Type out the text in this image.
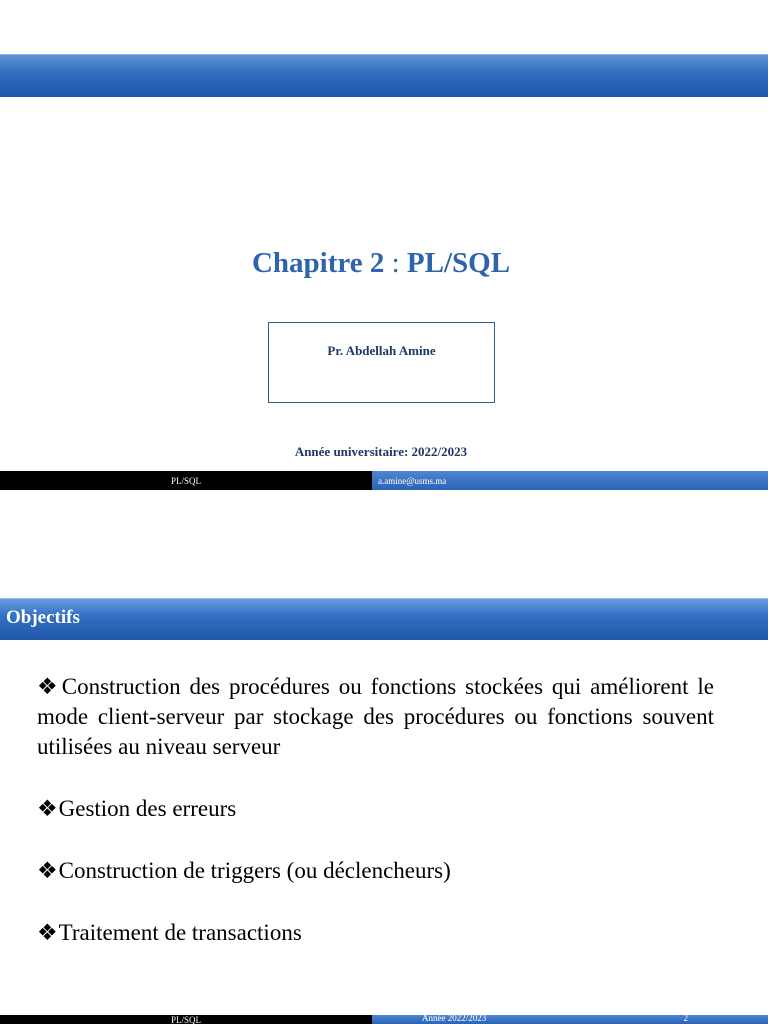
Chapitre 2 : PL/SQL
Pr. Abdellah Amine
Année universitaire: 2022/2023
PL/SQL	a.amine@usms.ma
Objectifs

❖Construction des procédures ou fonctions stockées qui améliorent le mode client-serveur par stockage des procédures ou fonctions souvent utilisées au niveau serveur

❖Gestion des erreurs

❖Construction de triggers (ou déclencheurs)

❖Traitement de transactions

PL/SQL	Année 2022/2023	2
